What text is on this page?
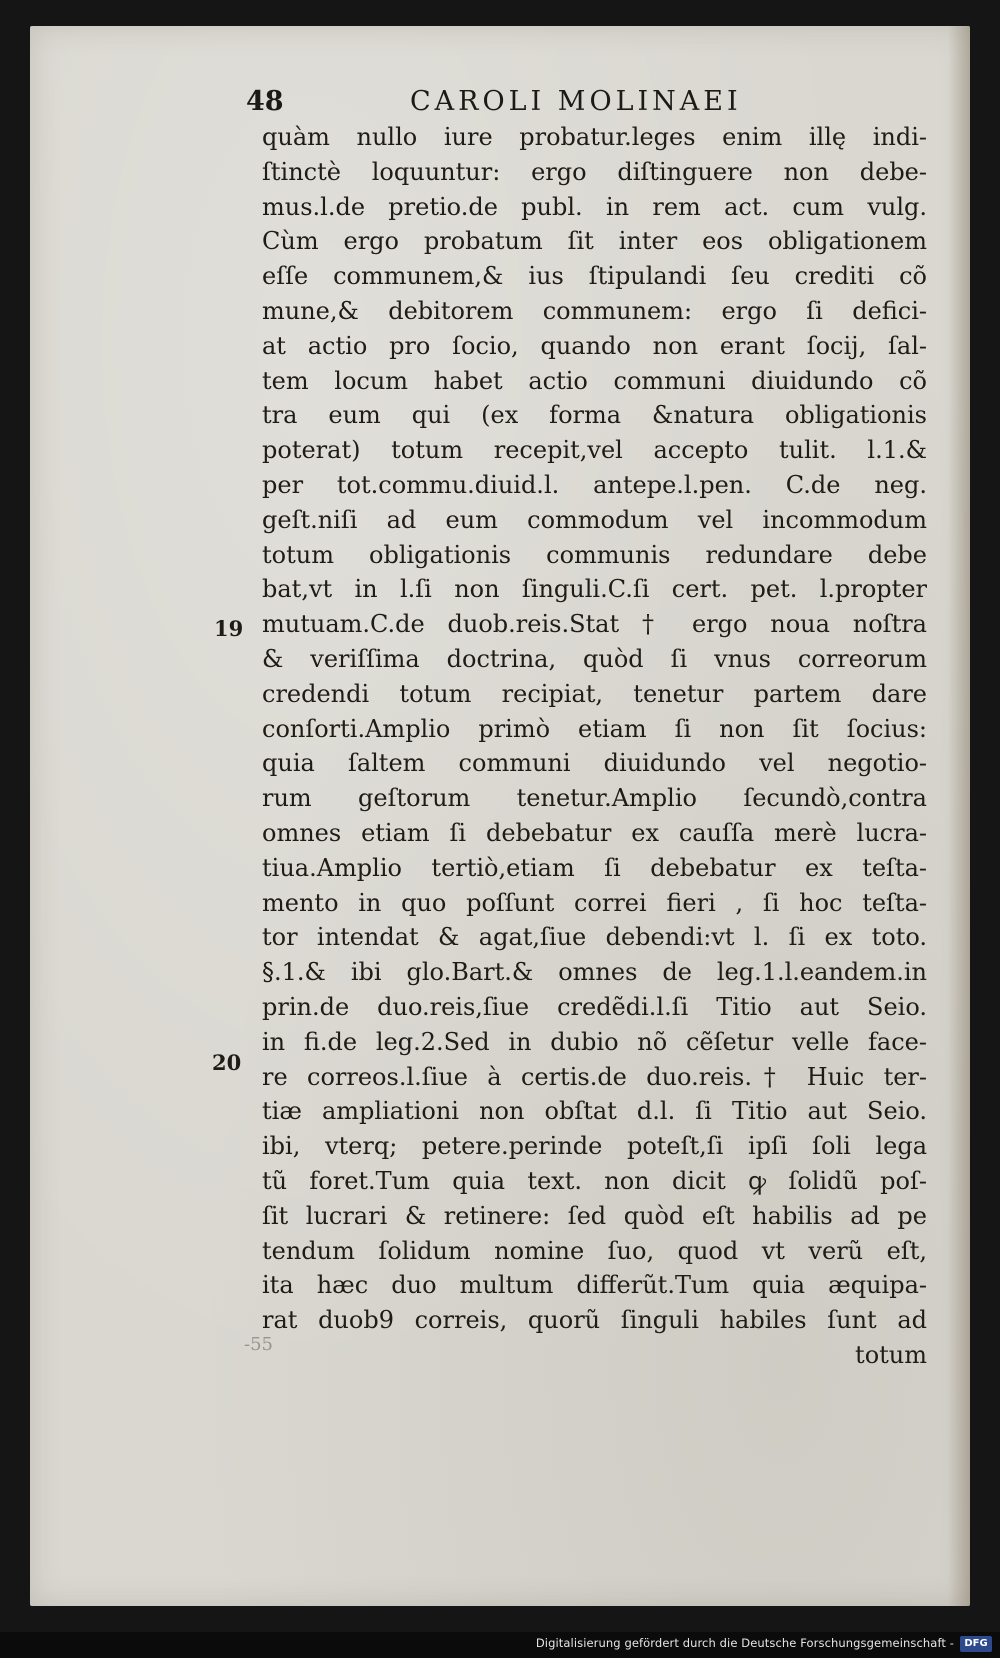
48	CAROLI MOLINAEI
quàm nullo iure probatur.leges enim illę indi-
ſtinctè loquuntur: ergo diſtinguere non debe-
mus.l.de pretio.de publ. in rem act. cum vulg.
Cùm ergo probatum ſit inter eos obligationem
eſſe communem,& ius ſtipulandi ſeu crediti cõ
mune,& debitorem communem: ergo ſi defici-
at actio pro ſocio, quando non erant ſocij, ſal-
tem locum habet actio communi diuidundo cõ
tra eum qui (ex forma &natura obligationis
poterat) totum recepit,vel accepto tulit. l.1.&
per tot.commu.diuid.l. antepe.l.pen. C.de neg.
geſt.niſi ad eum commodum vel incommodum
totum obligationis communis redundare debe
bat,vt in l.ſi non ſinguli.C.ſi cert. pet. l.propter
mutuam.C.de duob.reis.Stat † ergo noua noſtra
& veriſſima doctrina, quòd ſi vnus correorum
credendi totum recipiat, tenetur partem dare
conſorti.Amplio primò etiam ſi non ſit ſocius:
quia ſaltem communi diuidundo vel negotio-
rum geſtorum tenetur.Amplio ſecundò,contra
omnes etiam ſi debebatur ex cauſſa merè lucra-
tiua.Amplio tertiò,etiam ſi debebatur ex teſta-
mento in quo poſſunt correi fieri , ſi hoc teſta-
tor intendat & agat,ſiue debendi:vt l. ſi ex toto.
§.1.& ibi glo.Bart.& omnes de leg.1.l.eandem.in
prin.de duo.reis,ſiue credẽdi.l.ſi Titio aut Seio.
in fi.de leg.2.Sed in dubio nõ cẽſetur velle face-
re correos.l.ſiue à certis.de duo.reis.† Huic ter-
tiæ ampliationi non obſtat d.l. ſi Titio aut Seio.
ibi, vterq; petere.perinde poteſt,ſi ipſi ſoli lega
tũ foret.Tum quia text. non dicit ꝙ ſolidũ poſ-
ſit lucrari & retinere: ſed quòd eſt habilis ad pe
tendum ſolidum nomine ſuo, quod vt verũ eſt,
ita hæc duo multum differũt.Tum quia æquipa-
rat duob9 correis, quorũ ſinguli habiles ſunt ad
totum
19
20
-55
Digitalisierung gefördert durch die Deutsche Forschungsgemeinschaft -	DFG
